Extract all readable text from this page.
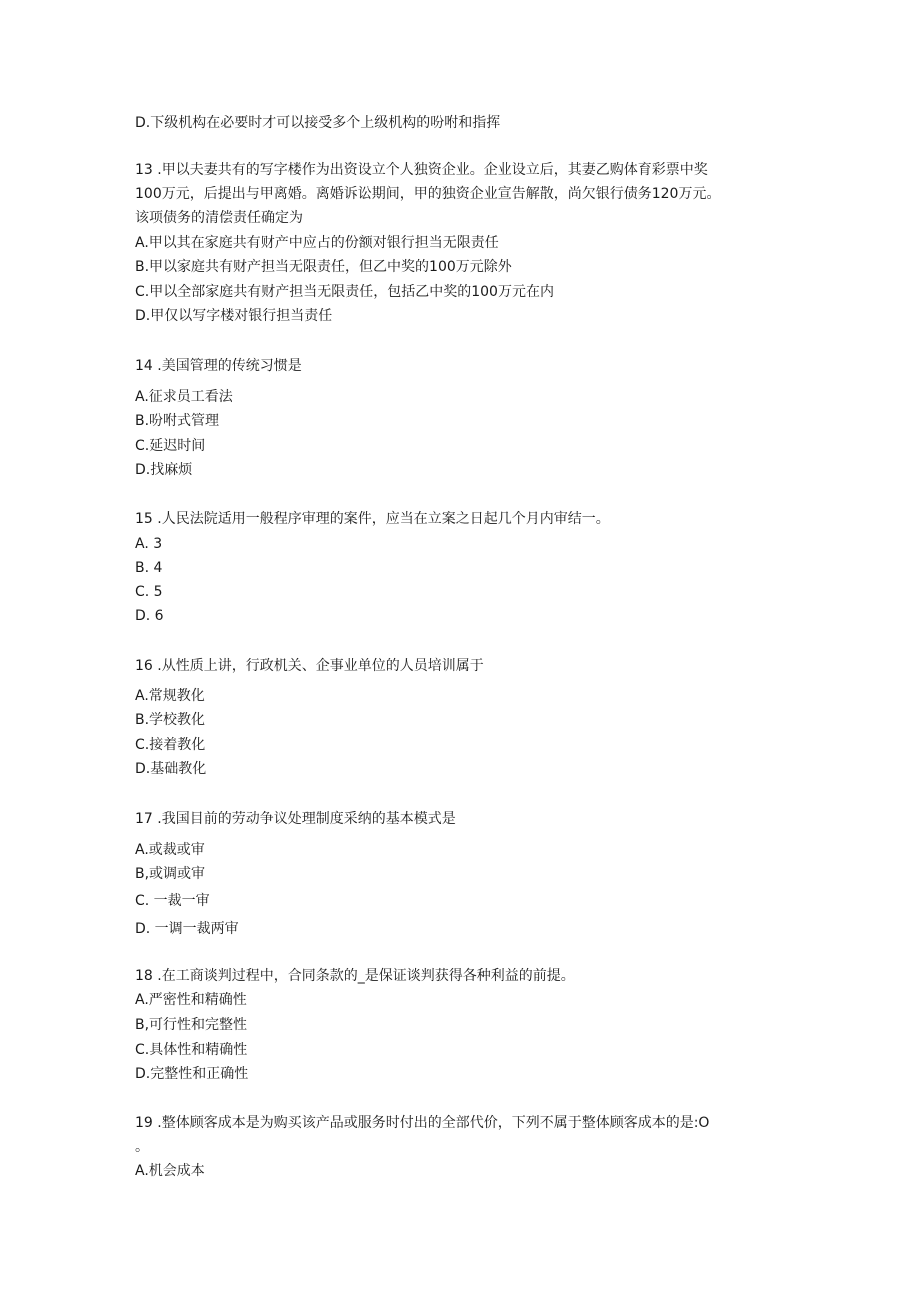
D.下级机构在必要时才可以接受多个上级机构的吩咐和指挥
13 .甲以夫妻共有的写字楼作为出资设立个人独资企业。企业设立后，其妻乙购体育彩票中奖
100万元，后提出与甲离婚。离婚诉讼期间，甲的独资企业宣告解散，尚欠银行债务120万元。
该项债务的清偿责任确定为
A.甲以其在家庭共有财产中应占的份额对银行担当无限责任
B.甲以家庭共有财产担当无限责任，但乙中奖的100万元除外
C.甲以全部家庭共有财产担当无限责任，包括乙中奖的100万元在内
D.甲仅以写字楼对银行担当责任
14 .美国管理的传统习惯是
A.征求员工看法
B.吩咐式管理
C.延迟时间
D.找麻烦
15 .人民法院适用一般程序审理的案件，应当在立案之日起几个月内审结一。
A. 3
B. 4
C. 5
D. 6
16 .从性质上讲，行政机关、企事业单位的人员培训属于
A.常规教化
B.学校教化
C.接着教化
D.基础教化
17 .我国目前的劳动争议处理制度采纳的基本模式是
A.或裁或审
B,或调或审
C. 一裁一审
D. 一调一裁两审
18 .在工商谈判过程中，合同条款的_是保证谈判获得各种利益的前提。
A.严密性和精确性
B,可行性和完整性
C.具体性和精确性
D.完整性和正确性
19 .整体顾客成本是为购买该产品或服务时付出的全部代价，下列不属于整体顾客成本的是:O
。
A.机会成本
